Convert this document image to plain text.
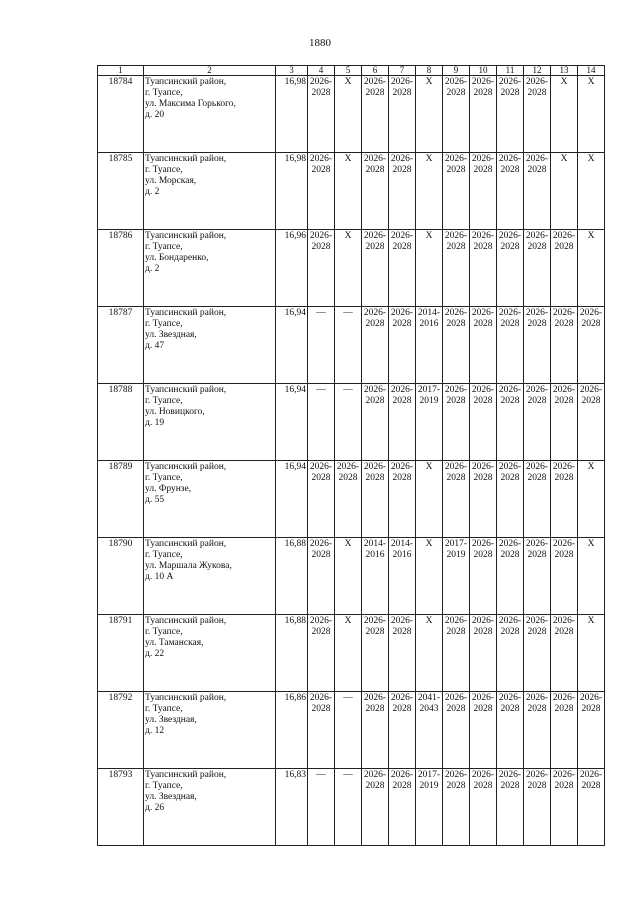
1880
1	2	3	4	5	6	7	8	9	10	11	12	13	14
18784	Туапсинский район,
г. Туапсе,
ул. Максима Горького,
д. 20	16,98	2026-
2028	X	2026-
2028	2026-
2028	X	2026-
2028	2026-
2028	2026-
2028	2026-
2028	X	X
18785	Туапсинский район,
г. Туапсе,
ул. Морская,
д. 2	16,98	2026-
2028	X	2026-
2028	2026-
2028	X	2026-
2028	2026-
2028	2026-
2028	2026-
2028	X	X
18786	Туапсинский район,
г. Туапсе,
ул. Бондаренко,
д. 2	16,96	2026-
2028	X	2026-
2028	2026-
2028	X	2026-
2028	2026-
2028	2026-
2028	2026-
2028	2026-
2028	X
18787	Туапсинский район,
г. Туапсе,
ул. Звездная,
д. 47	16,94	—	—	2026-
2028	2026-
2028	2014-
2016	2026-
2028	2026-
2028	2026-
2028	2026-
2028	2026-
2028	2026-
2028
18788	Туапсинский район,
г. Туапсе,
ул. Новицкого,
д. 19	16,94	—	—	2026-
2028	2026-
2028	2017-
2019	2026-
2028	2026-
2028	2026-
2028	2026-
2028	2026-
2028	2026-
2028
18789	Туапсинский район,
г. Туапсе,
ул. Фрунзе,
д. 55	16,94	2026-
2028	2026-
2028	2026-
2028	2026-
2028	X	2026-
2028	2026-
2028	2026-
2028	2026-
2028	2026-
2028	X
18790	Туапсинский район,
г. Туапсе,
ул. Маршала Жукова,
д. 10 А	16,88	2026-
2028	X	2014-
2016	2014-
2016	X	2017-
2019	2026-
2028	2026-
2028	2026-
2028	2026-
2028	X
18791	Туапсинский район,
г. Туапсе,
ул. Таманская,
д. 22	16,88	2026-
2028	X	2026-
2028	2026-
2028	X	2026-
2028	2026-
2028	2026-
2028	2026-
2028	2026-
2028	X
18792	Туапсинский район,
г. Туапсе,
ул. Звездная,
д. 12	16,86	2026-
2028	—	2026-
2028	2026-
2028	2041-
2043	2026-
2028	2026-
2028	2026-
2028	2026-
2028	2026-
2028	2026-
2028
18793	Туапсинский район,
г. Туапсе,
ул. Звездная,
д. 26	16,83	—	—	2026-
2028	2026-
2028	2017-
2019	2026-
2028	2026-
2028	2026-
2028	2026-
2028	2026-
2028	2026-
2028
